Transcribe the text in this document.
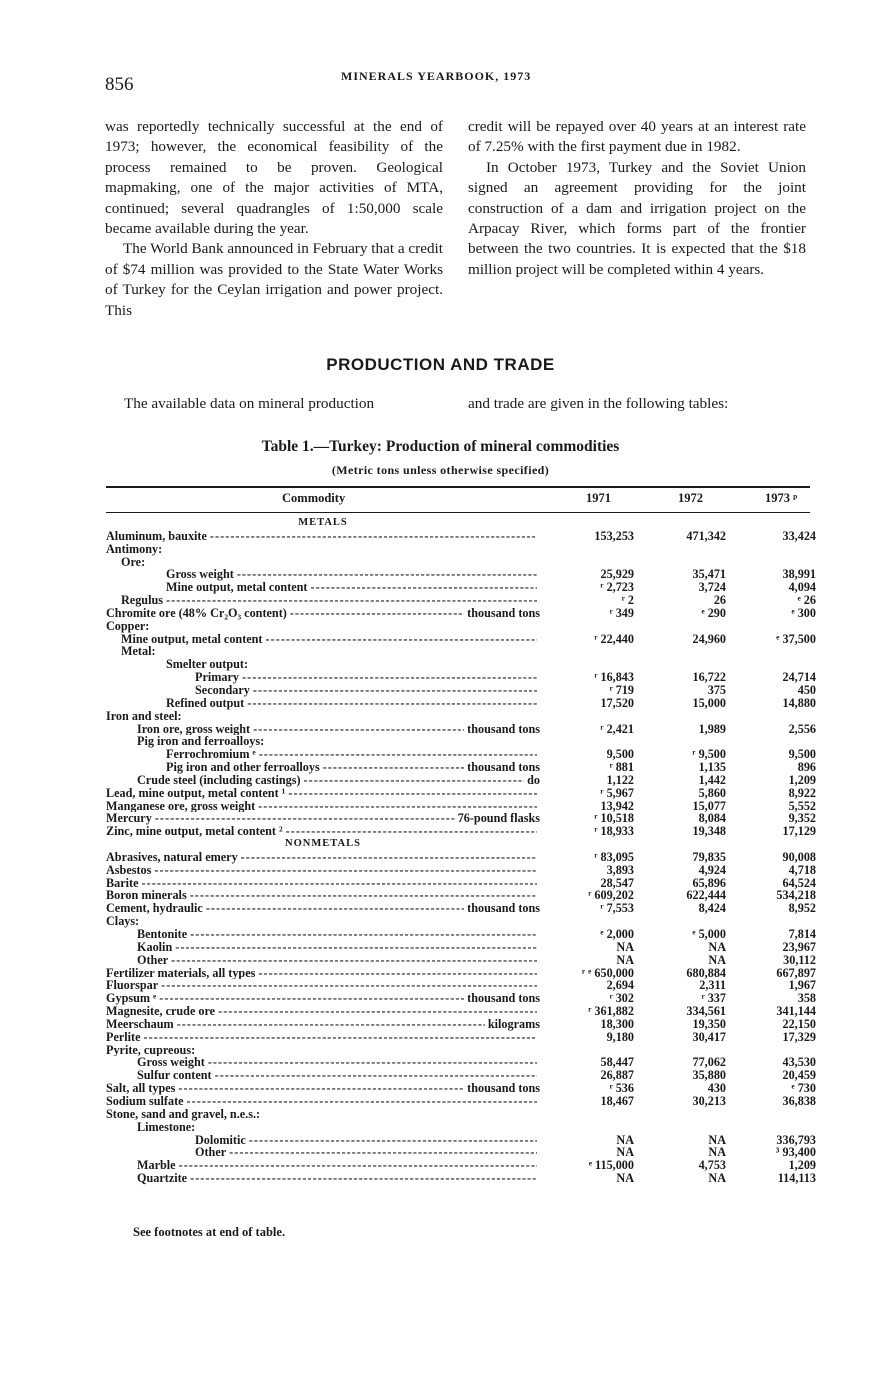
856	MINERALS YEARBOOK, 1973

was reportedly technically successful at the end of 1973; however, the economical feasibility of the process remained to be proven. Geological mapmaking, one of the major activities of MTA, continued; several quadrangles of 1:50,000 scale became available during the year.

The World Bank announced in February that a credit of $74 million was provided to the State Water Works of Turkey for the Ceylan irrigation and power project. This

credit will be repayed over 40 years at an interest rate of 7.25% with the first payment due in 1982.

In October 1973, Turkey and the Soviet Union signed an agreement providing for the joint construction of a dam and irrigation project on the Arpacay River, which forms part of the frontier between the two countries. It is expected that the $18 million project will be completed within 4 years.

PRODUCTION AND TRADE
The available data on mineral production	and trade are given in the following tables:
Table 1.—Turkey: Production of mineral commodities
(Metric tons unless otherwise specified)
Commodity	1971	1972	1973 ᵖ
METALS
Aluminum, bauxite - - -	153,253	471,342	33,424
Antimony:
Ore:
Gross weight - - -	25,929	35,471	38,991
Mine output, metal content - - -	ʳ 2,723	3,724	4,094
Regulus - - -	ʳ 2	26	ᵉ 26
Chromite ore (48% Cr₂O₃ content) - - -	thousand tons	ʳ 349	ᵉ 290	ᵉ 300
Copper:
Mine output, metal content - - -	ʳ 22,440	24,960	ᵉ 37,500
Metal:
Smelter output:
Primary - - -	ʳ 16,843	16,722	24,714
Secondary - - -	ʳ 719	375	450
Refined output - - -	17,520	15,000	14,880
Iron and steel:
Iron ore, gross weight - - -	thousand tons	ʳ 2,421	1,989	2,556
Pig iron and ferroalloys:
Ferrochromium ᵉ - - -	9,500	ʳ 9,500	9,500
Pig iron and other ferroalloys - - -	thousand tons	ʳ 881	1,135	896
Crude steel (including castings) - - -	do	1,122	1,442	1,209
Lead, mine output, metal content ¹ - - -	ʳ 5,967	5,860	8,922
Manganese ore, gross weight - - -	13,942	15,077	5,552
Mercury - - -	76-pound flasks	ʳ 10,518	8,084	9,352
Zinc, mine output, metal content ² - - -	ʳ 18,933	19,348	17,129
NONMETALS
Abrasives, natural emery - - -	ʳ 83,095	79,835	90,008
Asbestos - - -	3,893	4,924	4,718
Barite - - -	28,547	65,896	64,524
Boron minerals - - -	ʳ 609,202	622,444	534,218
Cement, hydraulic - - -	thousand tons	ʳ 7,553	8,424	8,952
Clays:
Bentonite - - -	ᵉ 2,000	ᵉ 5,000	7,814
Kaolin - - -	NA	NA	23,967
Other - - -	NA	NA	30,112
Fertilizer materials, all types - - -	ʳ ᵉ 650,000	680,884	667,897
Fluorspar - - -	2,694	2,311	1,967
Gypsum ᵉ - - -	thousand tons	ʳ 302	ʳ 337	358
Magnesite, crude ore - - -	ʳ 361,882	334,561	341,144
Meerschaum - - -	kilograms	18,300	19,350	22,150
Perlite - - -	9,180	30,417	17,329
Pyrite, cupreous:
Gross weight - - -	58,447	77,062	43,530
Sulfur content - - -	26,887	35,880	20,459
Salt, all types - - -	thousand tons	ʳ 536	430	ᵉ 730
Sodium sulfate - - -	18,467	30,213	36,838
Stone, sand and gravel, n.e.s.:
Limestone:
Dolomitic - - -	NA	NA	336,793
Other - - -	NA	NA	³ 93,400
Marble - - -	ᵉ 115,000	4,753	1,209
Quartzite - - -	NA	NA	114,113
See footnotes at end of table.
